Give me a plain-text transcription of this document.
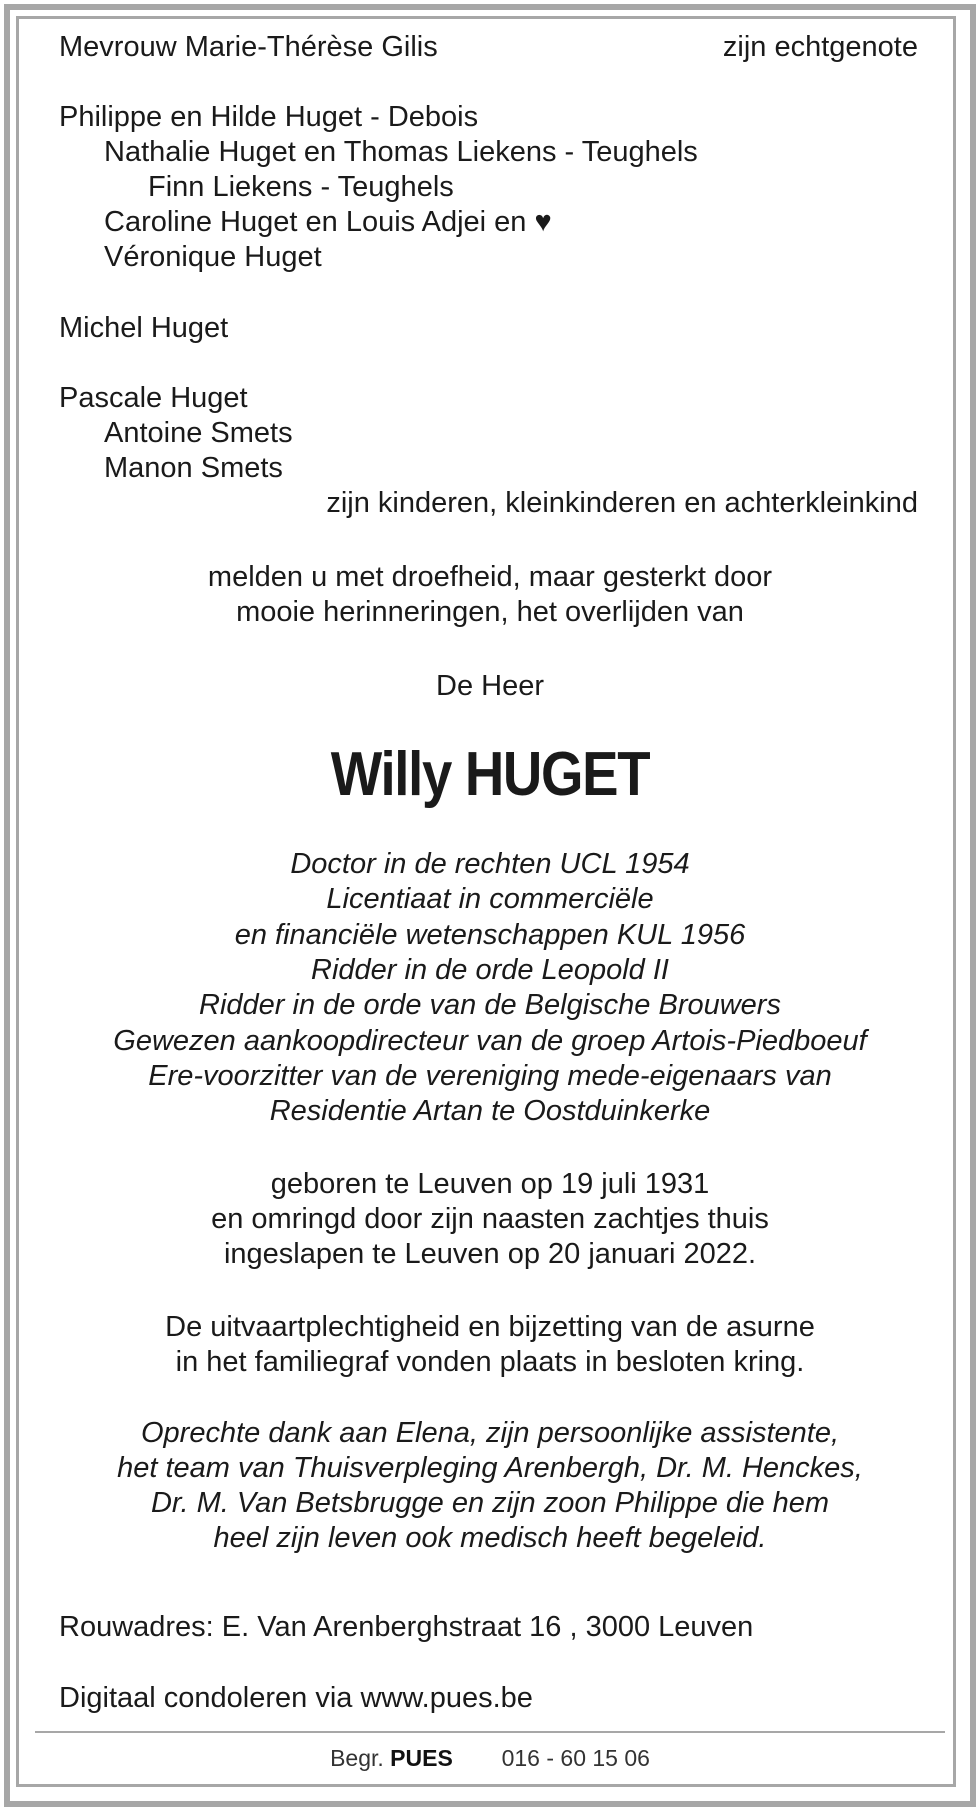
Mevrouw Marie-Thérèse Gilis	zijn echtgenote
Philippe en Hilde Huget - Debois
Nathalie Huget en Thomas Liekens - Teughels
Finn Liekens - Teughels
Caroline Huget en Louis Adjei en ♥
Véronique Huget
Michel Huget
Pascale Huget
Antoine Smets
Manon Smets
zijn kinderen, kleinkinderen en achterkleinkind
melden u met droefheid, maar gesterkt door
mooie herinneringen, het overlijden van
De Heer
Willy HUGET
Doctor in de rechten UCL 1954
Licentiaat in commerciële
en financiële wetenschappen KUL 1956
Ridder in de orde Leopold II
Ridder in de orde van de Belgische Brouwers
Gewezen aankoopdirecteur van de groep Artois-Piedboeuf
Ere-voorzitter van de vereniging mede-eigenaars van
Residentie Artan te Oostduinkerke
geboren te Leuven op 19 juli 1931
en omringd door zijn naasten zachtjes thuis
ingeslapen te Leuven op 20 januari 2022.
De uitvaartplechtigheid en bijzetting van de asurne
in het familiegraf vonden plaats in besloten kring.
Oprechte dank aan Elena, zijn persoonlijke assistente,
het team van Thuisverpleging Arenbergh, Dr. M. Henckes,
Dr. M. Van Betsbrugge en zijn zoon Philippe die hem
heel zijn leven ook medisch heeft begeleid.
Rouwadres: E. Van Arenberghstraat 16 , 3000 Leuven
Digitaal condoleren via www.pues.be
Begr. PUES 016 - 60 15 06
